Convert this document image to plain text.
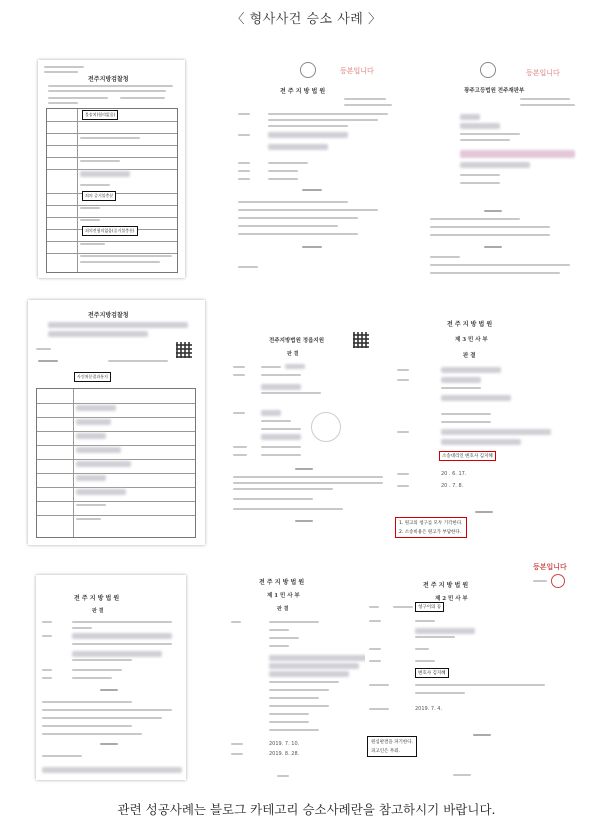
〈 형사사건 승소 사례 〉
전주지방검찰청
불송치(혐의없음)
죄의 증거불충분
죄의견혐의없음(증거불충분)
등본입니다
전 주 지 방 법 원
등본입니다
광주고등법원 전주재판부
전주지방검찰청
사건처분결과통지
전주지방법원 정읍지원
판 결
전 주 지 방 법 원
제 3 민 사 부
판 결
소송대리인 변호사 김지혜
20 . 6. 17.
20 . 7. 8.
1. 원고의 청구를 모두 기각한다.
2. 소송비용은 원고가 부담한다.
전 주 지 방 법 원
판 결
전 주 지 방 법 원
제 1 민 사 부
판 결
2019. 7. 10.
2019. 8. 28.
등본입니다
전 주 지 방 법 원
제 2 민 사 부
청구이의 등
변호사 김지혜
2019. 7. 4.
원심판결을 파기한다.
피고인은 무죄.
관련 성공사례는 블로그 카테고리 승소사례란을 참고하시기 바랍니다.
